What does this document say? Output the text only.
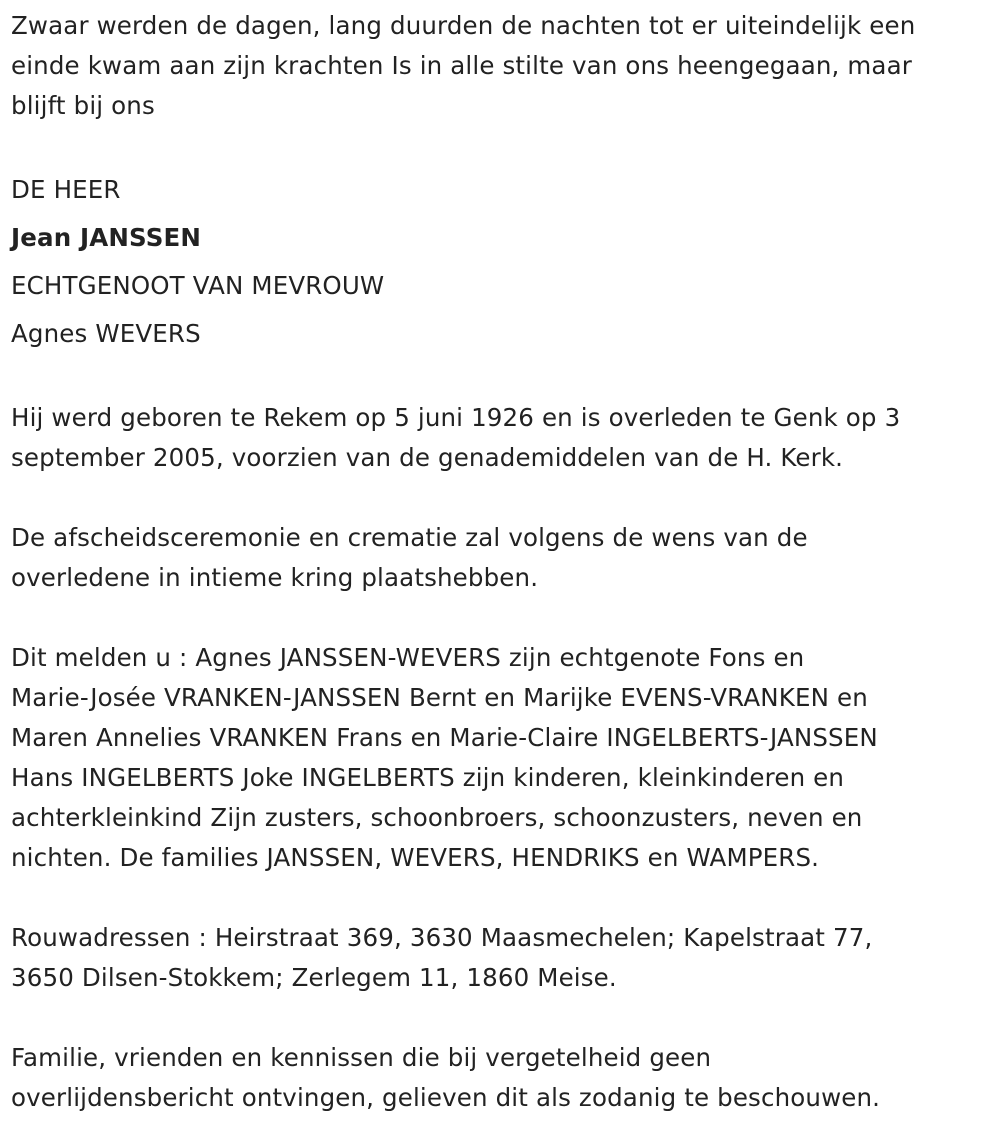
Zwaar werden de dagen, lang duurden de nachten tot er uiteindelijk een
einde kwam aan zijn krachten Is in alle stilte van ons heengegaan, maar
blijft bij ons

DE HEER

Jean JANSSEN

ECHTGENOOT VAN MEVROUW

Agnes WEVERS

Hij werd geboren te Rekem op 5 juni 1926 en is overleden te Genk op 3
september 2005, voorzien van de genademiddelen van de H. Kerk.

De afscheidsceremonie en crematie zal volgens de wens van de
overledene in intieme kring plaatshebben.

Dit melden u : Agnes JANSSEN-WEVERS zijn echtgenote Fons en
Marie-Josée VRANKEN-JANSSEN Bernt en Marijke EVENS-VRANKEN en
Maren Annelies VRANKEN Frans en Marie-Claire INGELBERTS-JANSSEN
Hans INGELBERTS Joke INGELBERTS zijn kinderen, kleinkinderen en
achterkleinkind Zijn zusters, schoonbroers, schoonzusters, neven en
nichten. De families JANSSEN, WEVERS, HENDRIKS en WAMPERS.

Rouwadressen : Heirstraat 369, 3630 Maasmechelen; Kapelstraat 77,
3650 Dilsen-Stokkem; Zerlegem 11, 1860 Meise.

Familie, vrienden en kennissen die bij vergetelheid geen
overlijdensbericht ontvingen, gelieven dit als zodanig te beschouwen.
